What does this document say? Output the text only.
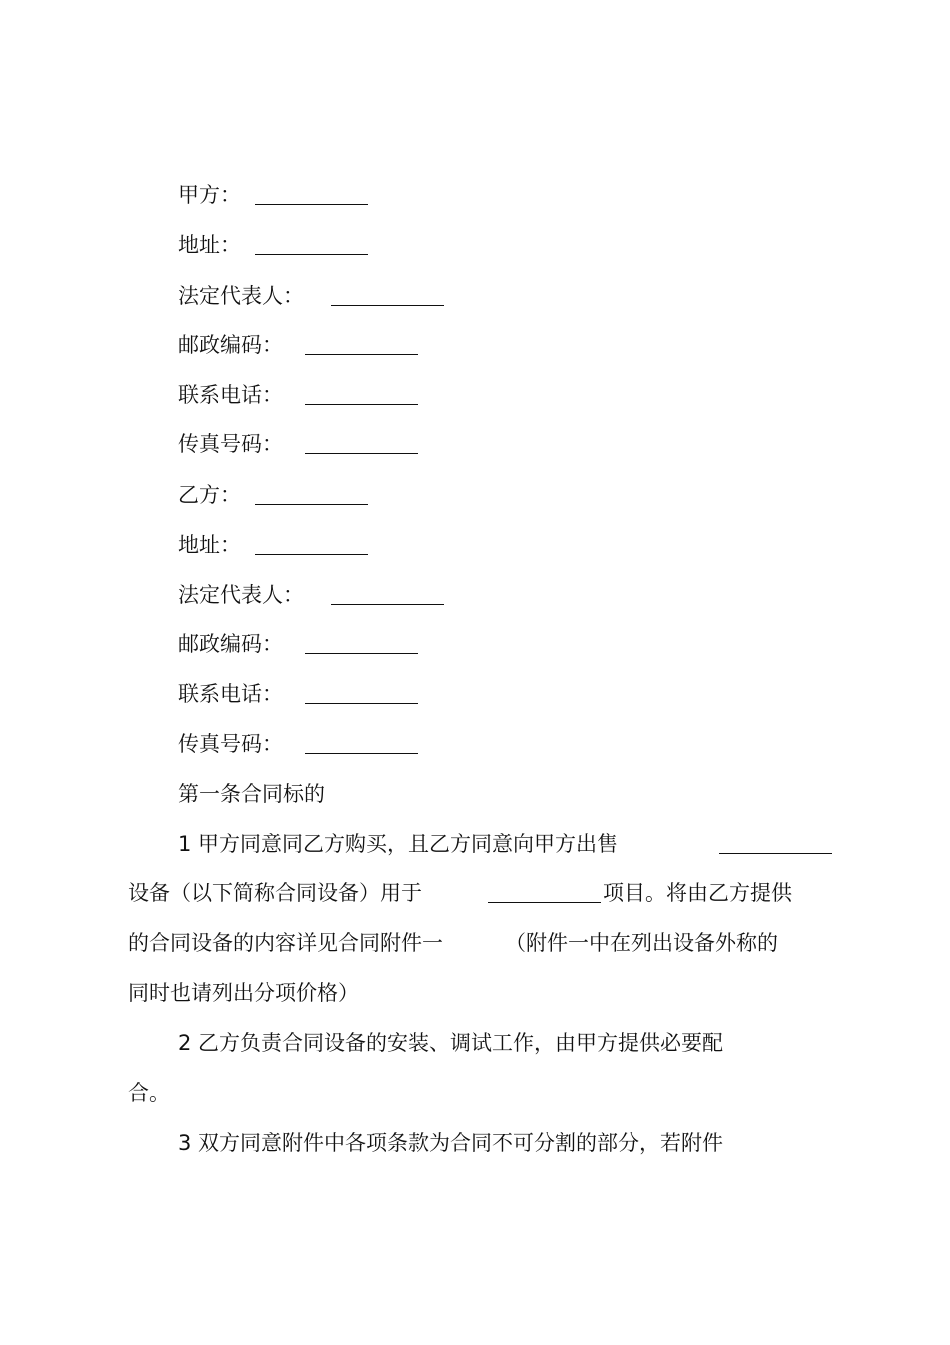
甲方：
地址：
法定代表人：
邮政编码：
联系电话：
传真号码：
乙方：
地址：
法定代表人：
邮政编码：
联系电话：
传真号码：
第一条合同标的
1 甲方同意同乙方购买，且乙方同意向甲方出售
设备（以下简称合同设备）用于	项目。将由乙方提供
的合同设备的内容详见合同附件一	（附件一中在列出设备外称的
同时也请列出分项价格）
2 乙方负责合同设备的安装、调试工作，由甲方提供必要配
合。
3 双方同意附件中各项条款为合同不可分割的部分，若附件
